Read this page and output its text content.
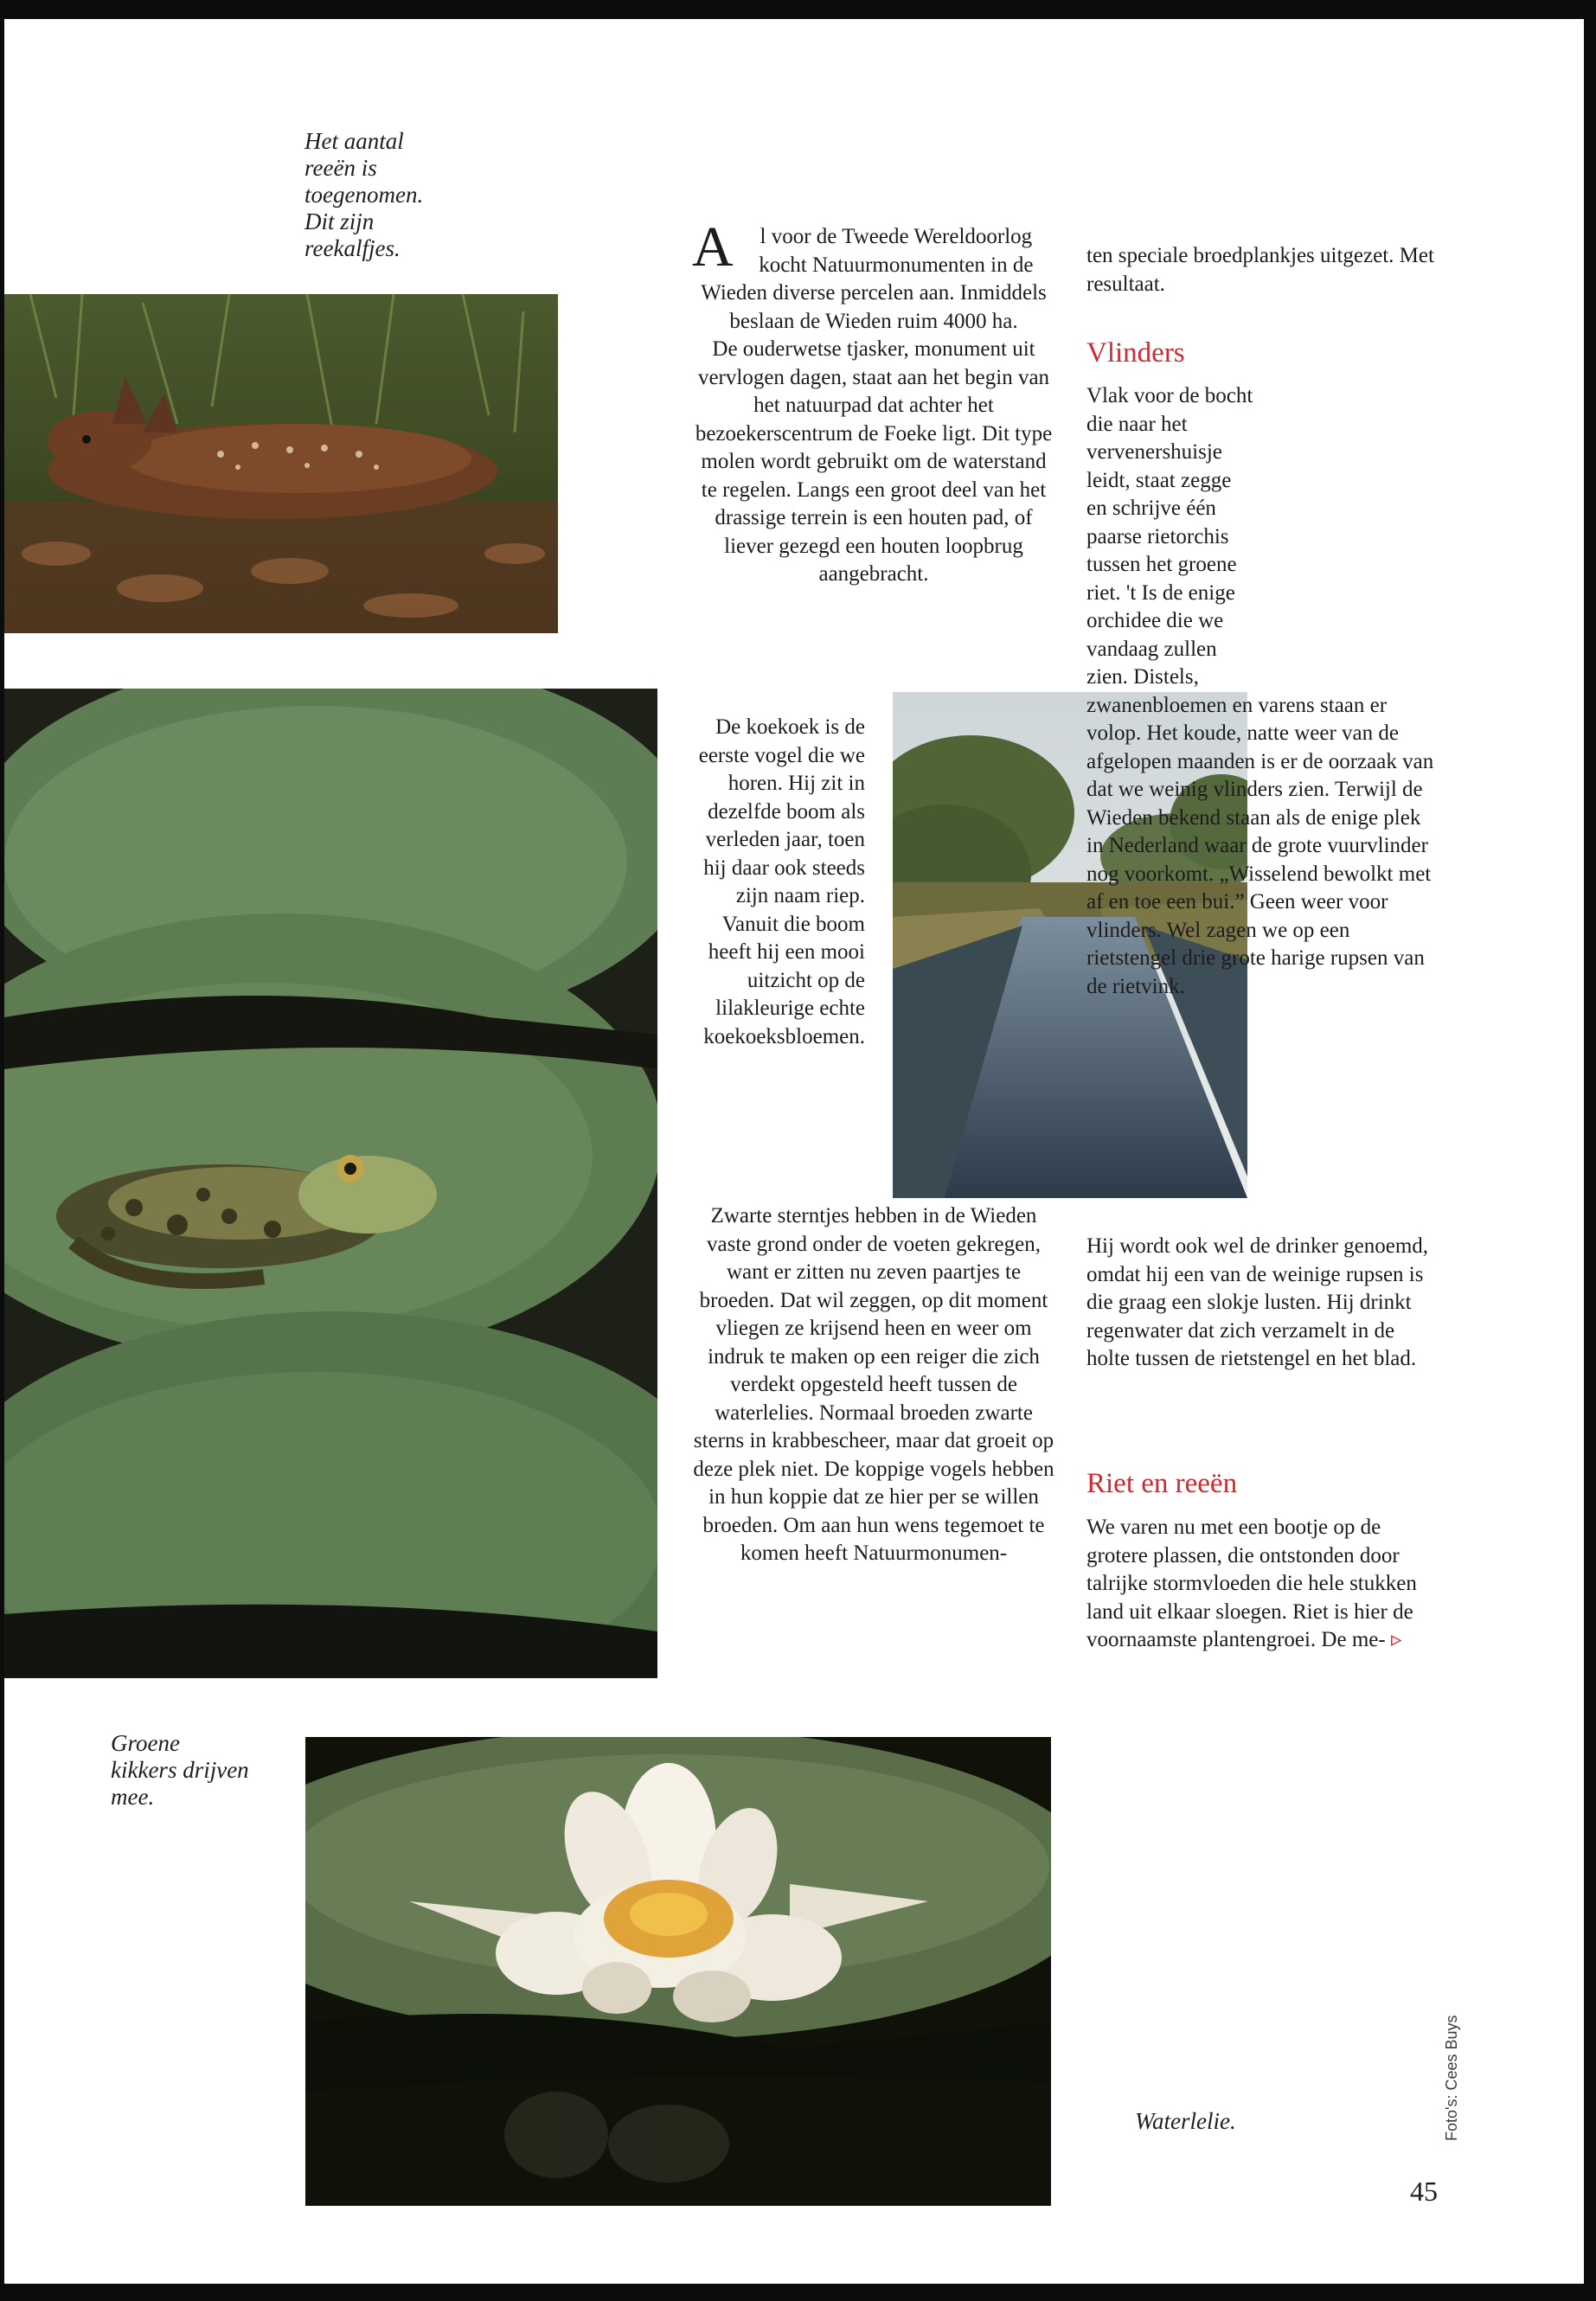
Het aantal reeën is toegenomen. Dit zijn reekalfjes.
Groene kikkers drijven mee.
Waterlelie.

A l voor de Tweede Wereldoorlog kocht Natuurmonumenten in de Wieden diverse percelen aan. Inmiddels beslaan de Wieden ruim 4000 ha.

De ouderwetse tjasker, monument uit vervlogen dagen, staat aan het begin van het natuurpad dat achter het bezoekerscentrum de Foeke ligt. Dit type molen wordt gebruikt om de waterstand te regelen. Langs een groot deel van het drassige terrein is een houten pad, of liever gezegd een houten loopbrug aangebracht.

De koekoek is de eerste vogel die we horen. Hij zit in dezelfde boom als verleden jaar, toen hij daar ook steeds zijn naam riep. Vanuit die boom heeft hij een mooi uitzicht op de lilakleurige echte koekoeksbloemen.

Zwarte sterntjes hebben in de Wieden vaste grond onder de voeten gekregen, want er zitten nu zeven paartjes te broeden. Dat wil zeggen, op dit moment vliegen ze krijsend heen en weer om indruk te maken op een reiger die zich verdekt opgesteld heeft tussen de waterlelies. Normaal broeden zwarte sterns in krabbescheer, maar dat groeit op deze plek niet. De koppige vogels hebben in hun koppie dat ze hier per se willen broeden. Om aan hun wens tegemoet te komen heeft Natuurmonumen-

ten speciale broedplankjes uitgezet. Met resultaat.

Vlinders

Vlak voor de bocht die naar het vervenershuisje leidt, staat zegge en schrijve één paarse rietorchis tussen het groene riet. 't Is de enige orchidee die we vandaag zullen zien. Distels, zwanenbloemen en varens staan er volop. Het koude, natte weer van de afgelopen maanden is er de oorzaak van dat we weinig vlinders zien. Terwijl de Wieden bekend staan als de enige plek in Nederland waar de grote vuurvlinder nog voorkomt. „Wisselend bewolkt met af en toe een bui.” Geen weer voor vlinders. Wel zagen we op een rietstengel drie grote harige rupsen van de rietvink.

Hij wordt ook wel de drinker genoemd, omdat hij een van de weinige rupsen is die graag een slokje lusten. Hij drinkt regenwater dat zich verzamelt in de holte tussen de rietstengel en het blad.

Riet en reeën

We varen nu met een bootje op de grotere plassen, die ontstonden door talrijke stormvloeden die hele stukken land uit elkaar sloegen. Riet is hier de voornaamste plantengroei. De me- ▹

Foto's: Cees Buys
45
